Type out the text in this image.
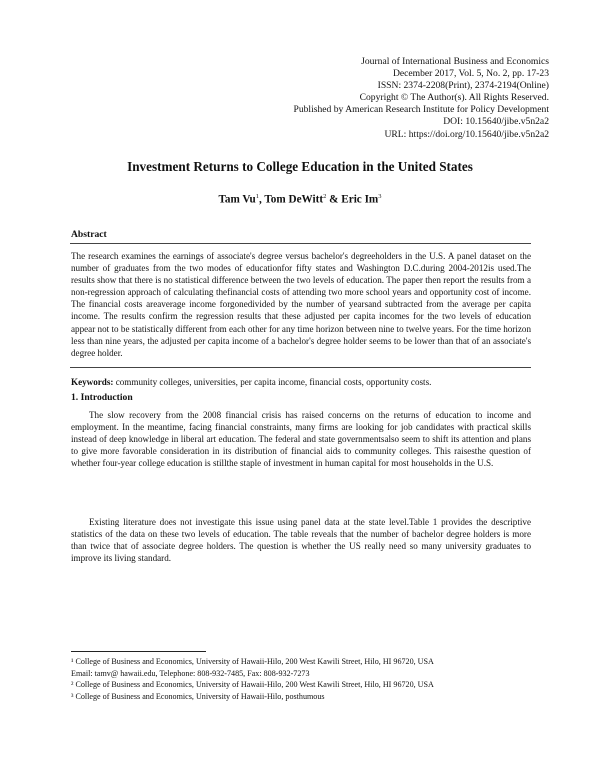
Journal of International Business and Economics
December 2017, Vol. 5, No. 2, pp. 17-23
ISSN: 2374-2208(Print), 2374-2194(Online)
Copyright © The Author(s). All Rights Reserved.
Published by American Research Institute for Policy Development
DOI: 10.15640/jibe.v5n2a2
URL: https://doi.org/10.15640/jibe.v5n2a2
Investment Returns to College Education in the United States
Tam Vu$^1$, Tom DeWitt$^2$ & Eric Im$^3$
Abstract
The research examines the earnings of associate's degree versus bachelor's degreeholders in the U.S. A panel dataset on the number of graduates from the two modes of educationfor fifty states and Washington D.C.during 2004-2012is used.The results show that there is no statistical difference between the two levels of education. The paper then report the results from a non-regression approach of calculating thefinancial costs of attending two more school years and opportunity cost of income. The financial costs areaverage income forgonedivided by the number of yearsand subtracted from the average per capita income. The results confirm the regression results that these adjusted per capita incomes for the two levels of education appear not to be statistically different from each other for any time horizon between nine to twelve years. For the time horizon less than nine years, the adjusted per capita income of a bachelor's degree holder seems to be lower than that of an associate's degree holder.
Keywords: community colleges, universities, per capita income, financial costs, opportunity costs.
1. Introduction
The slow recovery from the 2008 financial crisis has raised concerns on the returns of education to income and employment. In the meantime, facing financial constraints, many firms are looking for job candidates with practical skills instead of deep knowledge in liberal art education. The federal and state governmentsalso seem to shift its attention and plans to give more favorable consideration in its distribution of financial aids to community colleges. This raisesthe question of whether four-year college education is stillthe staple of investment in human capital for most households in the U.S.
Existing literature does not investigate this issue using panel data at the state level.Table 1 provides the descriptive statistics of the data on these two levels of education. The table reveals that the number of bachelor degree holders is more than twice that of associate degree holders. The question is whether the US really need so many university graduates to improve its living standard.
¹ College of Business and Economics, University of Hawaii-Hilo, 200 West Kawili Street, Hilo, HI 96720, USA
Email: tamv@ hawaii.edu, Telephone: 808-932-7485, Fax: 808-932-7273
² College of Business and Economics, University of Hawaii-Hilo, 200 West Kawili Street, Hilo, HI 96720, USA
³ College of Business and Economics, University of Hawaii-Hilo, posthumous
